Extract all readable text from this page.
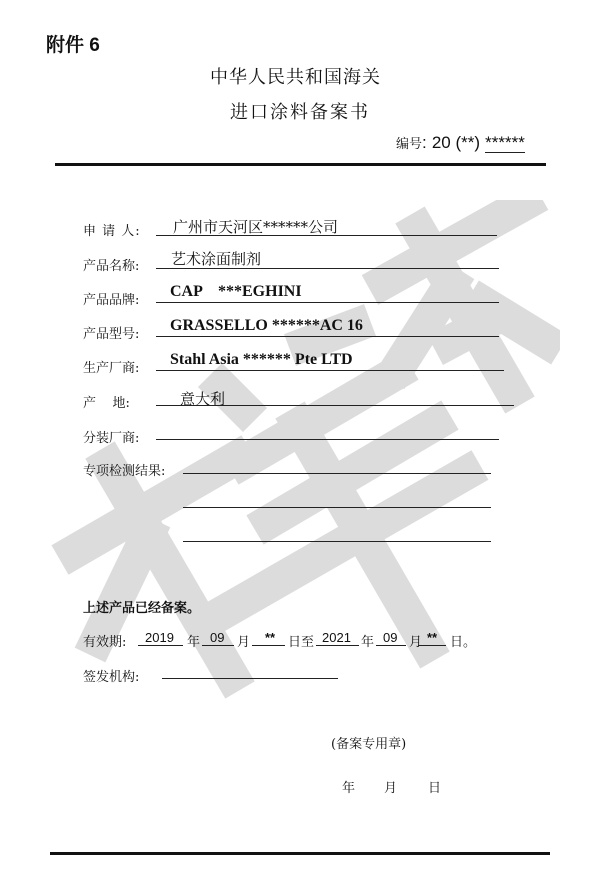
附件 6
中华人民共和国海关
进口涂料备案书
编号: 20 (**) ******
申 请 人: 广州市天河区******公司
产品名称: 艺术涂面制剂
产品品牌:
CAP    ***EGHINI
产品型号:
GRASSELLO ******AC 16
生产厂商:
Stahl Asia ****** Pte LTD
产    地:	意大利
分装厂商:
专项检测结果:
上述产品已经备案。
有效期: 2019 年 09 月 ** 日至 2021 年 09 月 ** 日。
签发机构:
(备案专用章)
年 月 日
